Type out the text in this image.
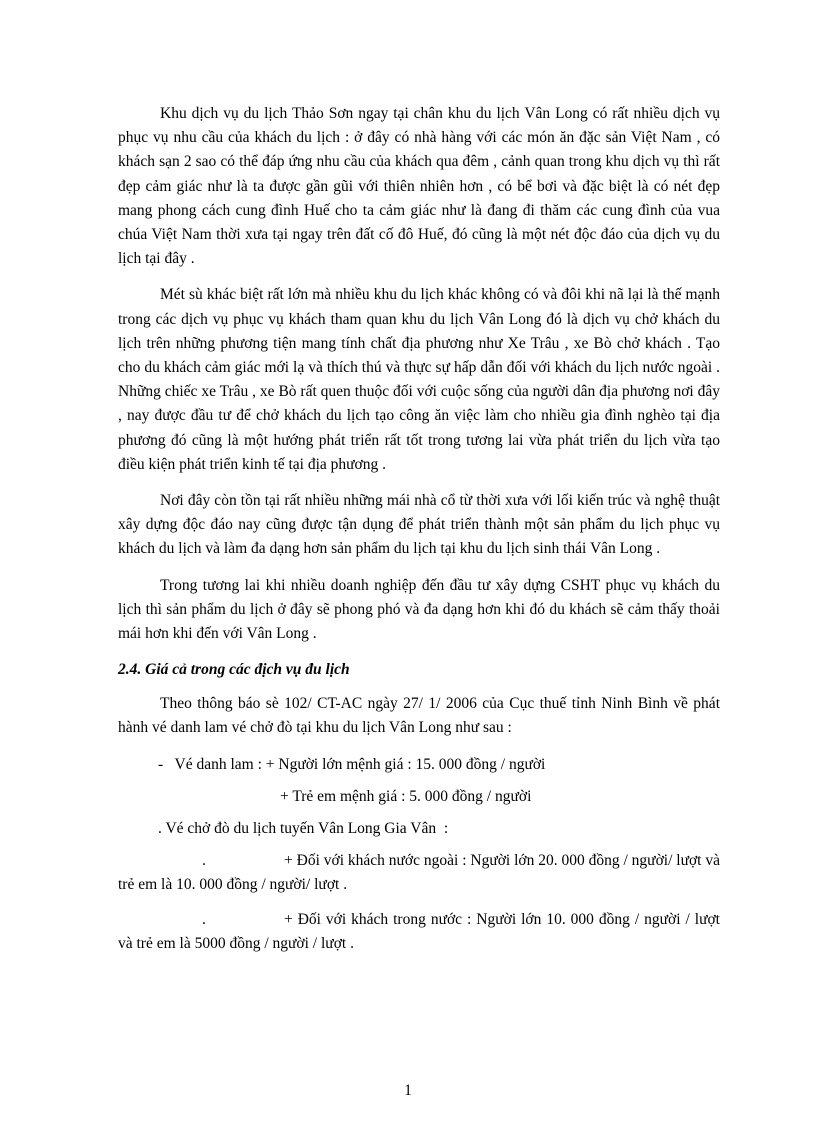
Khu dịch vụ du lịch Thảo Sơn ngay tại chân khu du lịch Vân Long có rất nhiều dịch vụ phục vụ nhu cầu của khách du lịch : ở đây có nhà hàng với các món ăn đặc sản Việt Nam , có khách sạn 2 sao có thể đáp ứng nhu cầu của khách qua đêm , cảnh quan trong khu dịch vụ thì rất đẹp cảm giác như là ta được gần gũi với thiên nhiên hơn , có bể bơi và đặc biệt là có nét đẹp mang phong cách cung đình Huế cho ta cảm giác như là đang đi thăm các cung đình của vua chúa Việt Nam thời xưa tại ngay trên đất cố đô Huế, đó cũng là một nét độc đáo của dịch vụ du lịch tại đây .

Mét sù khác biệt rất lớn mà nhiều khu du lịch khác không có và đôi khi nã lại là thế mạnh trong các dịch vụ phục vụ khách tham quan khu du lịch Vân Long đó là dịch vụ chở khách du lịch trên những phương tiện mang tính chất địa phương như Xe Trâu , xe Bò chở khách . Tạo cho du khách cảm giác mới lạ và thích thú và thực sự hấp dẫn đối với khách du lịch nước ngoài . Những chiếc xe Trâu , xe Bò rất quen thuộc đối với cuộc sống của người dân địa phương nơi đây , nay được đầu tư để chở khách du lịch tạo công ăn việc làm cho nhiều gia đình nghèo tại địa phương đó cũng là một hướng phát triển rất tốt trong tương lai vừa phát triển du lịch vừa tạo điều kiện phát triển kinh tế tại địa phương .

Nơi đây còn tồn tại rất nhiều những mái nhà cổ từ thời xưa với lối kiến trúc và nghệ thuật xây dựng độc đáo nay cũng được tận dụng để phát triển thành một sản phẩm du lịch phục vụ khách du lịch và làm đa dạng hơn sản phẩm du lịch tại khu du lịch sinh thái Vân Long .

Trong tương lai khi nhiều doanh nghiệp đến đầu tư xây dựng CSHT phục vụ khách du lịch thì sản phẩm du lịch ở đây sẽ phong phó và đa dạng hơn khi đó du khách sẽ cảm thấy thoải mái hơn khi đến với Vân Long .

2.4. Giá cả trong các địch vụ đu lịch

Theo thông báo sè 102/ CT-AC ngày 27/ 1/ 2006 của Cục thuế tỉnh Ninh Bình về phát hành vé danh lam vé chở đò tại khu du lịch Vân Long như sau :

-   Vé danh lam : + Người lớn mệnh giá : 15. 000 đồng / người
+ Trẻ em mệnh giá : 5. 000 đồng / người
. Vé chở đò du lịch tuyến Vân Long Gia Vân  :

.	+ Đối với khách nước ngoài : Người lớn 20. 000 đồng / người/ lượt và trẻ em là 10. 000 đồng / người/ lượt .

.	+ Đối với khách trong nước : Người lớn 10. 000 đồng / người / lượt và trẻ em là 5000 đồng / người / lượt .

1
